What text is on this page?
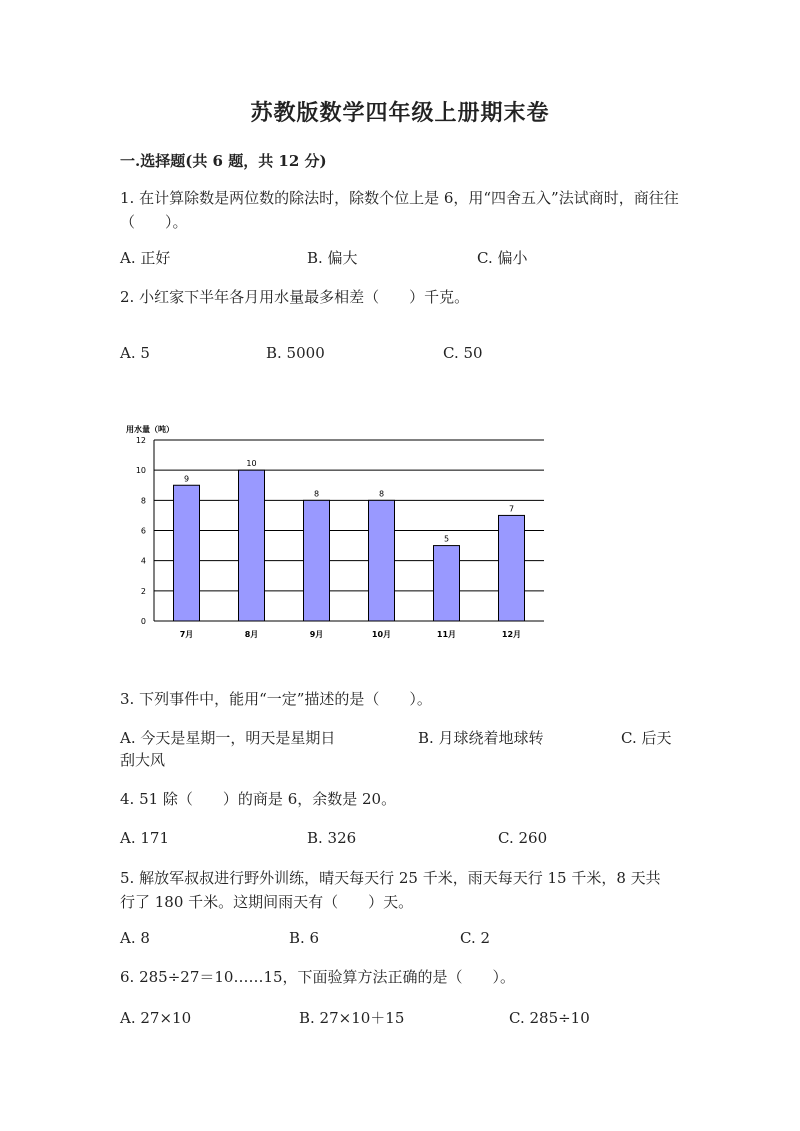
苏教版数学四年级上册期末卷
一.选择题(共 6 题，共 12 分)
1. 在计算除数是两位数的除法时，除数个位上是 6，用“四舍五入”法试商时，商往往（　　）。
A. 正好	B. 偏大	C. 偏小
2. 小红家下半年各月用水量最多相差（　　）千克。
A. 5	B. 5000	C. 50
用水量（吨）
0
2
4
6
8
10
12
9
7月
10
8月
8
9月
8
10月
5
11月
7
12月
3. 下列事件中，能用“一定”描述的是（　　）。
A. 今天是星期一，明天是星期日	B. 月球绕着地球转	C. 后天
刮大风
4. 51 除（　　）的商是 6，余数是 20。
A. 171	B. 326	C. 260
5. 解放军叔叔进行野外训练，晴天每天行 25 千米，雨天每天行 15 千米，8 天共行了 180 千米。这期间雨天有（　　）天。
A. 8	B. 6	C. 2
6. 285÷27＝10……15，下面验算方法正确的是（　　）。
A. 27×10	B. 27×10＋15	C. 285÷10
